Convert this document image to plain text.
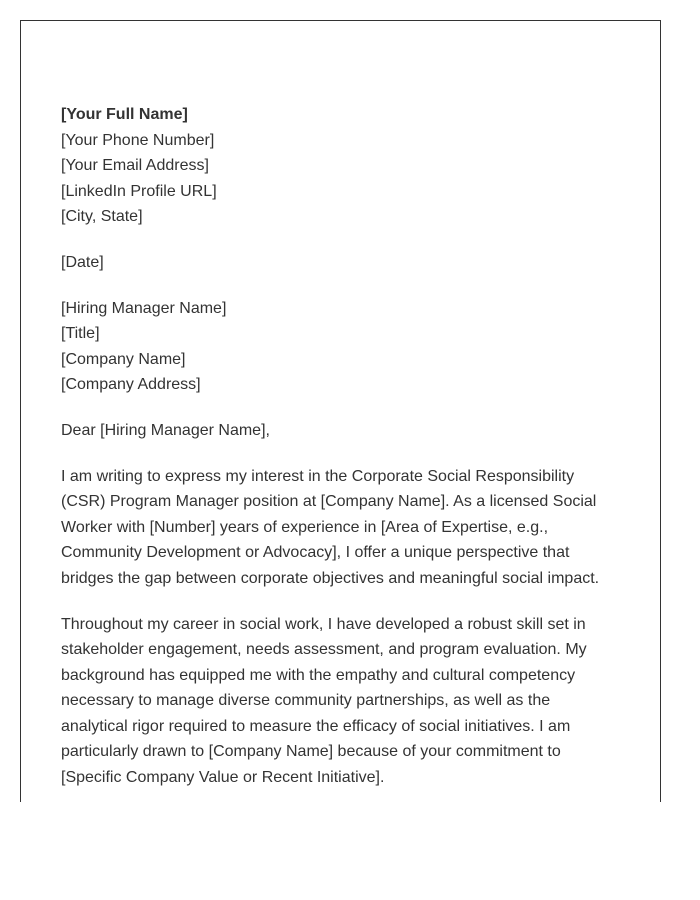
[Your Full Name]
[Your Phone Number]
[Your Email Address]
[LinkedIn Profile URL]
[City, State]
[Date]
[Hiring Manager Name]
[Title]
[Company Name]
[Company Address]
Dear [Hiring Manager Name],
I am writing to express my interest in the Corporate Social Responsibility
(CSR) Program Manager position at [Company Name]. As a licensed Social
Worker with [Number] years of experience in [Area of Expertise, e.g.,
Community Development or Advocacy], I offer a unique perspective that
bridges the gap between corporate objectives and meaningful social impact.
Throughout my career in social work, I have developed a robust skill set in
stakeholder engagement, needs assessment, and program evaluation. My
background has equipped me with the empathy and cultural competency
necessary to manage diverse community partnerships, as well as the
analytical rigor required to measure the efficacy of social initiatives. I am
particularly drawn to [Company Name] because of your commitment to
[Specific Company Value or Recent Initiative].
